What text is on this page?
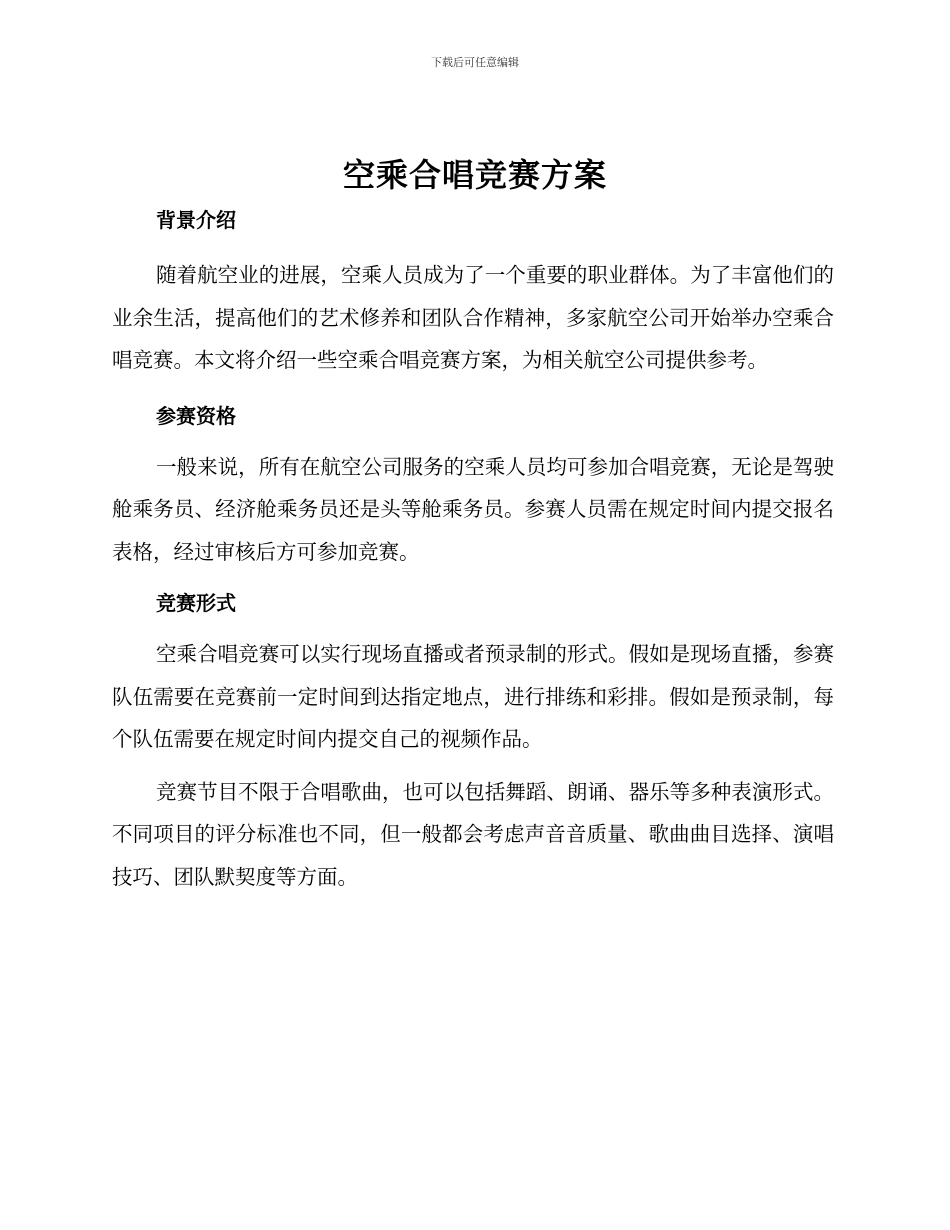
下载后可任意编辑
空乘合唱竞赛方案
背景介绍

随着航空业的进展，空乘人员成为了一个重要的职业群体。为了丰富他们的业余生活，提高他们的艺术修养和团队合作精神，多家航空公司开始举办空乘合唱竞赛。本文将介绍一些空乘合唱竞赛方案，为相关航空公司提供参考。

参赛资格

一般来说，所有在航空公司服务的空乘人员均可参加合唱竞赛，无论是驾驶舱乘务员、经济舱乘务员还是头等舱乘务员。参赛人员需在规定时间内提交报名表格，经过审核后方可参加竞赛。

竞赛形式

空乘合唱竞赛可以实行现场直播或者预录制的形式。假如是现场直播，参赛队伍需要在竞赛前一定时间到达指定地点，进行排练和彩排。假如是预录制，每个队伍需要在规定时间内提交自己的视频作品。

竞赛节目不限于合唱歌曲，也可以包括舞蹈、朗诵、器乐等多种表演形式。不同项目的评分标准也不同，但一般都会考虑声音音质量、歌曲曲目选择、演唱技巧、团队默契度等方面。
